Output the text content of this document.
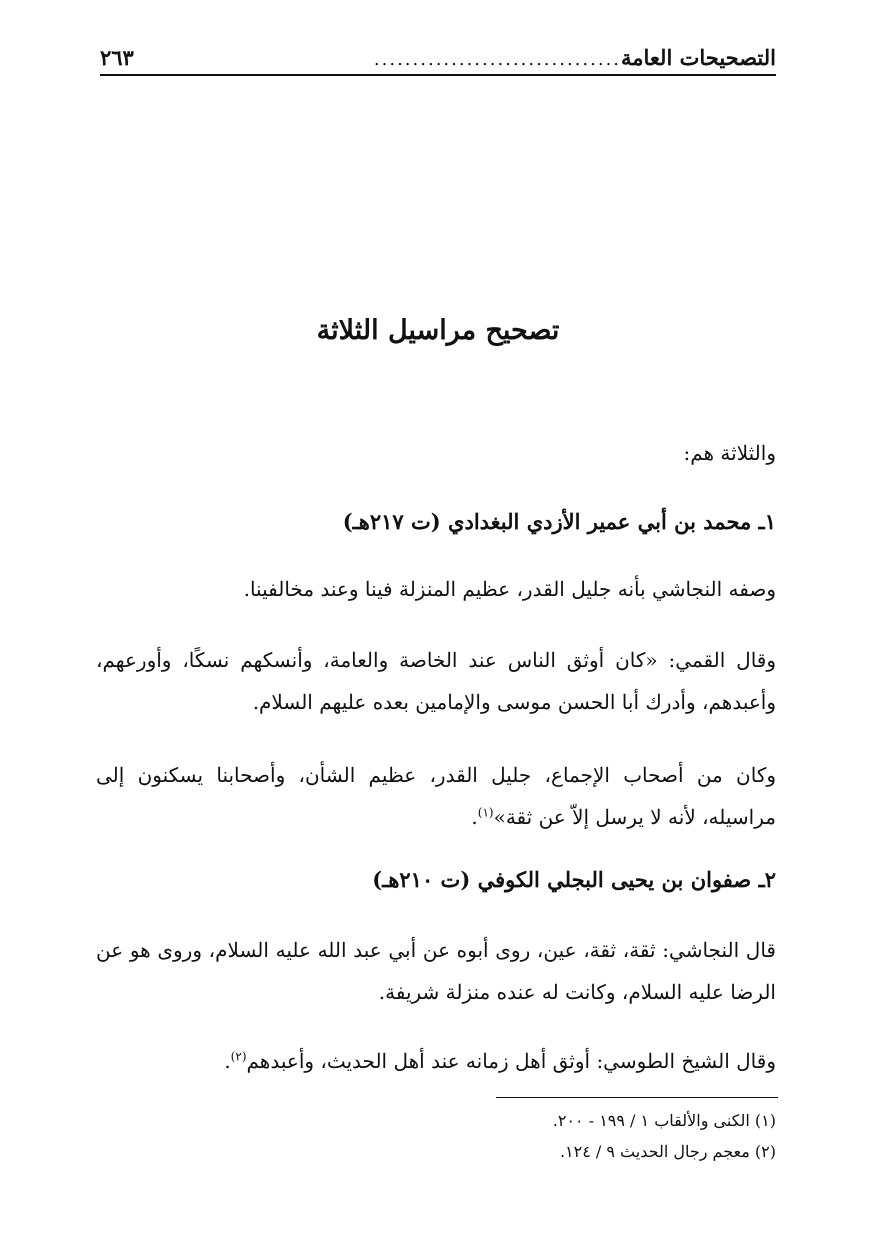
التصحيحات العامة
................................
٢٦٣
تصحيح مراسيل الثلاثة
والثلاثة هم:
١ـ محمد بن أبي عمير الأزدي البغدادي (ت ٢١٧هـ)
وصفه النجاشي بأنه جليل القدر، عظيم المنزلة فينا وعند مخالفينا.
وقال القمي: «كان أوثق الناس عند الخاصة والعامة، وأنسكهم نسكًا، وأورعهم، وأعبدهم، وأدرك أبا الحسن موسى والإمامين بعده عليهم السلام.
وكان من أصحاب الإجماع، جليل القدر، عظيم الشأن، وأصحابنا يسكنون إلى مراسيله، لأنه لا يرسل إلاّ عن ثقة»$^{(١)}$.
٢ـ صفوان بن يحيى البجلي الكوفي (ت ٢١٠هـ)
قال النجاشي: ثقة، ثقة، عين، روى أبوه عن أبي عبد الله عليه السلام، وروى هو عن الرضا عليه السلام، وكانت له عنده منزلة شريفة.
وقال الشيخ الطوسي: أوثق أهل زمانه عند أهل الحديث، وأعبدهم$^{(٢)}$.
(١) الكنى والألقاب ١ / ١٩٩ - ٢٠٠.
(٢) معجم رجال الحديث ٩ / ١٢٤.
